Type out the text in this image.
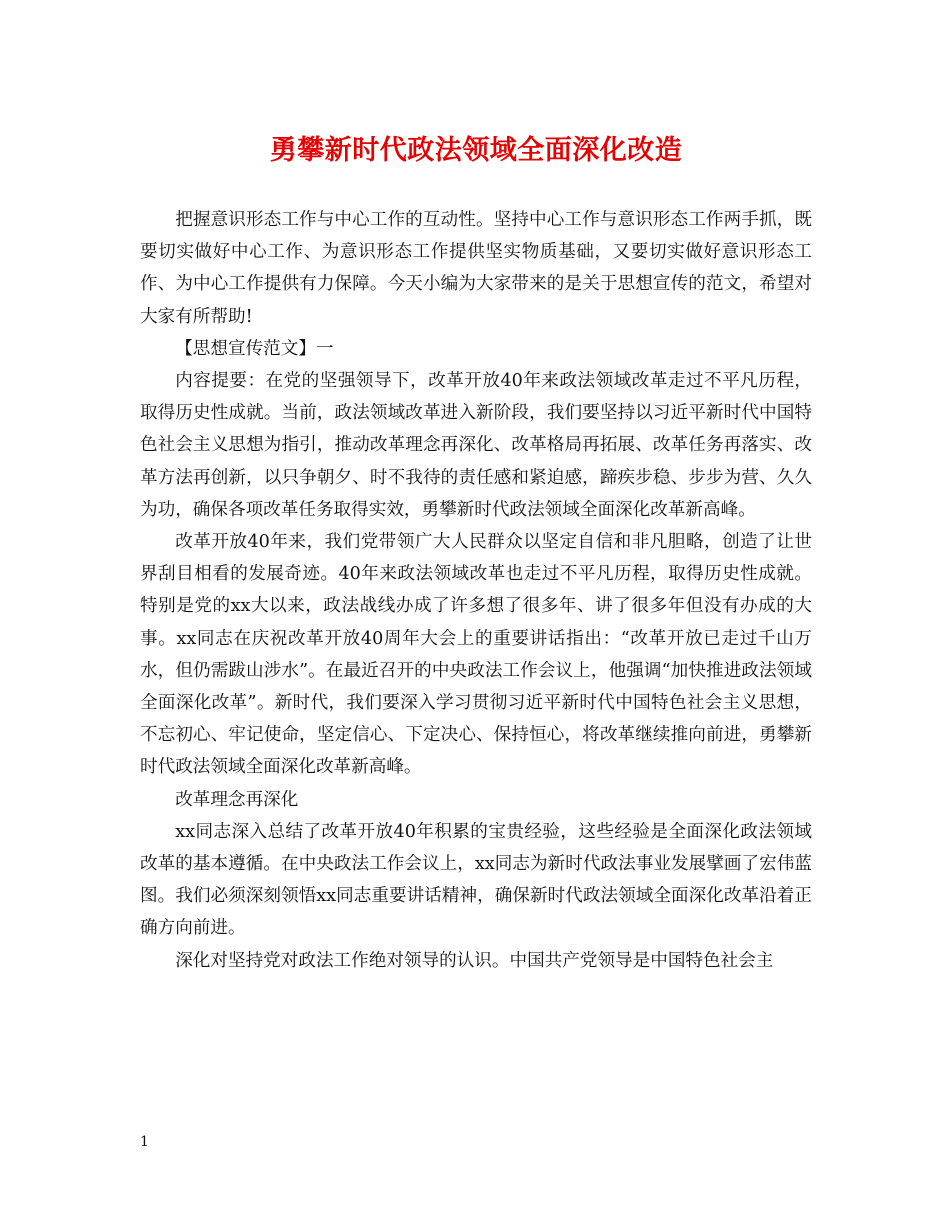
勇攀新时代政法领域全面深化改造

把握意识形态工作与中心工作的互动性。坚持中心工作与意识形态工作两手抓，既要切实做好中心工作、为意识形态工作提供坚实物质基础，又要切实做好意识形态工作、为中心工作提供有力保障。今天小编为大家带来的是关于思想宣传的范文，希望对大家有所帮助!

【思想宣传范文】一

内容提要：在党的坚强领导下，改革开放40年来政法领域改革走过不平凡历程，取得历史性成就。当前，政法领域改革进入新阶段，我们要坚持以习近平新时代中国特色社会主义思想为指引，推动改革理念再深化、改革格局再拓展、改革任务再落实、改革方法再创新，以只争朝夕、时不我待的责任感和紧迫感，蹄疾步稳、步步为营、久久为功，确保各项改革任务取得实效，勇攀新时代政法领域全面深化改革新高峰。

改革开放40年来，我们党带领广大人民群众以坚定自信和非凡胆略，创造了让世界刮目相看的发展奇迹。40年来政法领域改革也走过不平凡历程，取得历史性成就。特别是党的xx大以来，政法战线办成了许多想了很多年、讲了很多年但没有办成的大事。xx同志在庆祝改革开放40周年大会上的重要讲话指出：“改革开放已走过千山万水，但仍需跋山涉水”。在最近召开的中央政法工作会议上，他强调“加快推进政法领域全面深化改革”。新时代，我们要深入学习贯彻习近平新时代中国特色社会主义思想，不忘初心、牢记使命，坚定信心、下定决心、保持恒心，将改革继续推向前进，勇攀新时代政法领域全面深化改革新高峰。

改革理念再深化

xx同志深入总结了改革开放40年积累的宝贵经验，这些经验是全面深化政法领域改革的基本遵循。在中央政法工作会议上，xx同志为新时代政法事业发展擘画了宏伟蓝图。我们必须深刻领悟xx同志重要讲话精神，确保新时代政法领域全面深化改革沿着正确方向前进。

深化对坚持党对政法工作绝对领导的认识。中国共产党领导是中国特色社会主

1
